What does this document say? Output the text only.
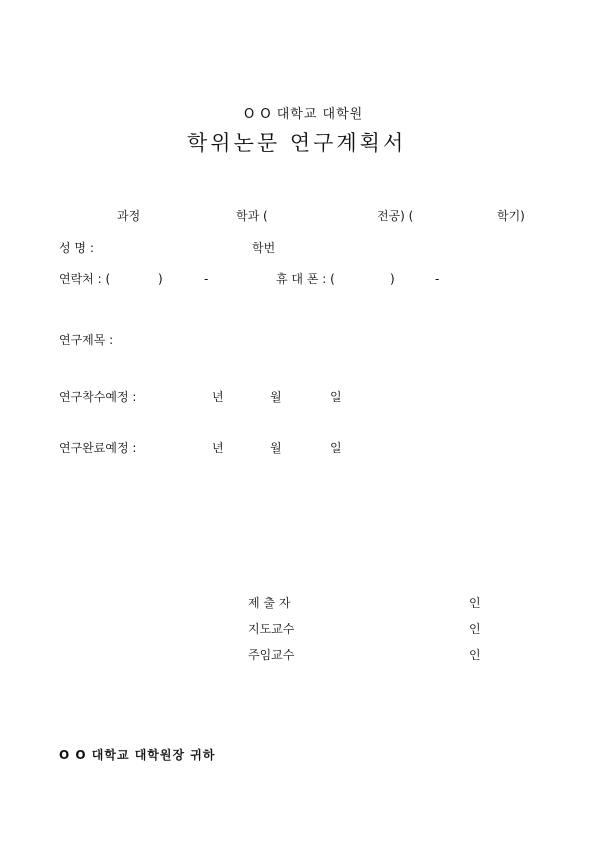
O O 대학교 대학원
학위논문 연구계획서
과정	학과 (	전공) (	학기)
성 명 :	학번
연락처 : (	)	-	휴 대 폰 : (	)	-
연구제목 :
연구착수예정 :	년	월	일
연구완료예정 :	년	월	일
제 출 자	인
지도교수	인
주임교수	인
O O 대학교 대학원장 귀하
